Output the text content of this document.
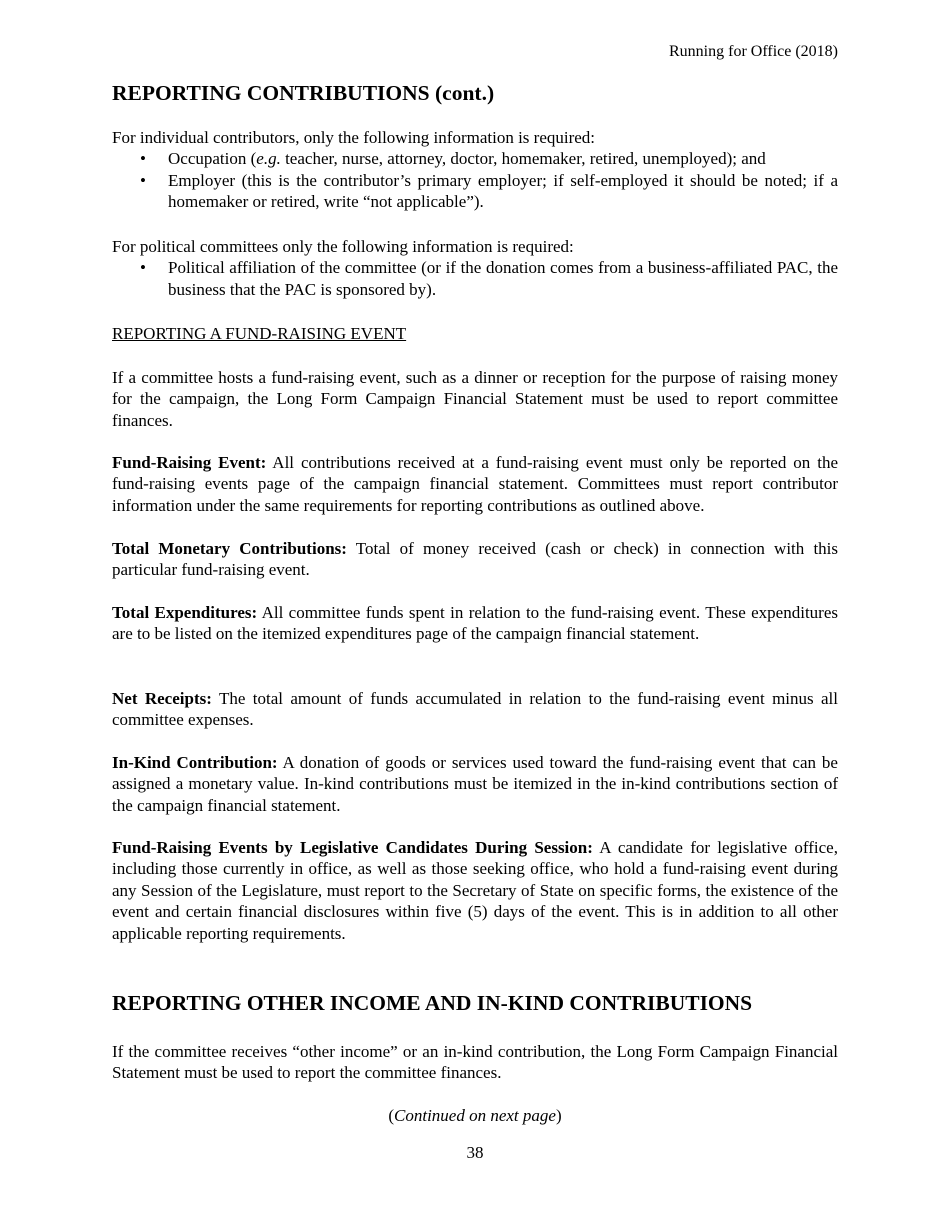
Running for Office (2018)
REPORTING CONTRIBUTIONS (cont.)

For individual contributors, only the following information is required:

• Occupation (e.g. teacher, nurse, attorney, doctor, homemaker, retired, unemployed); and
• Employer (this is the contributor’s primary employer; if self-employed it should be noted; if a homemaker or retired, write “not applicable”).

For political committees only the following information is required:

• Political affiliation of the committee (or if the donation comes from a business-affiliated PAC, the business that the PAC is sponsored by).
REPORTING A FUND-RAISING EVENT

If a committee hosts a fund-raising event, such as a dinner or reception for the purpose of raising money for the campaign, the Long Form Campaign Financial Statement must be used to report committee finances.

Fund-Raising Event: All contributions received at a fund-raising event must only be reported on the fund-raising events page of the campaign financial statement. Committees must report contributor information under the same requirements for reporting contributions as outlined above.

Total Monetary Contributions: Total of money received (cash or check) in connection with this particular fund-raising event.

Total Expenditures: All committee funds spent in relation to the fund-raising event. These expenditures are to be listed on the itemized expenditures page of the campaign financial statement.

Net Receipts: The total amount of funds accumulated in relation to the fund-raising event minus all committee expenses.

In-Kind Contribution: A donation of goods or services used toward the fund-raising event that can be assigned a monetary value. In-kind contributions must be itemized in the in-kind contributions section of the campaign financial statement.

Fund-Raising Events by Legislative Candidates During Session: A candidate for legislative office, including those currently in office, as well as those seeking office, who hold a fund-raising event during any Session of the Legislature, must report to the Secretary of State on specific forms, the existence of the event and certain financial disclosures within five (5) days of the event. This is in addition to all other applicable reporting requirements.

REPORTING OTHER INCOME AND IN-KIND CONTRIBUTIONS

If the committee receives “other income” or an in-kind contribution, the Long Form Campaign Financial Statement must be used to report the committee finances.

(Continued on next page)
38
